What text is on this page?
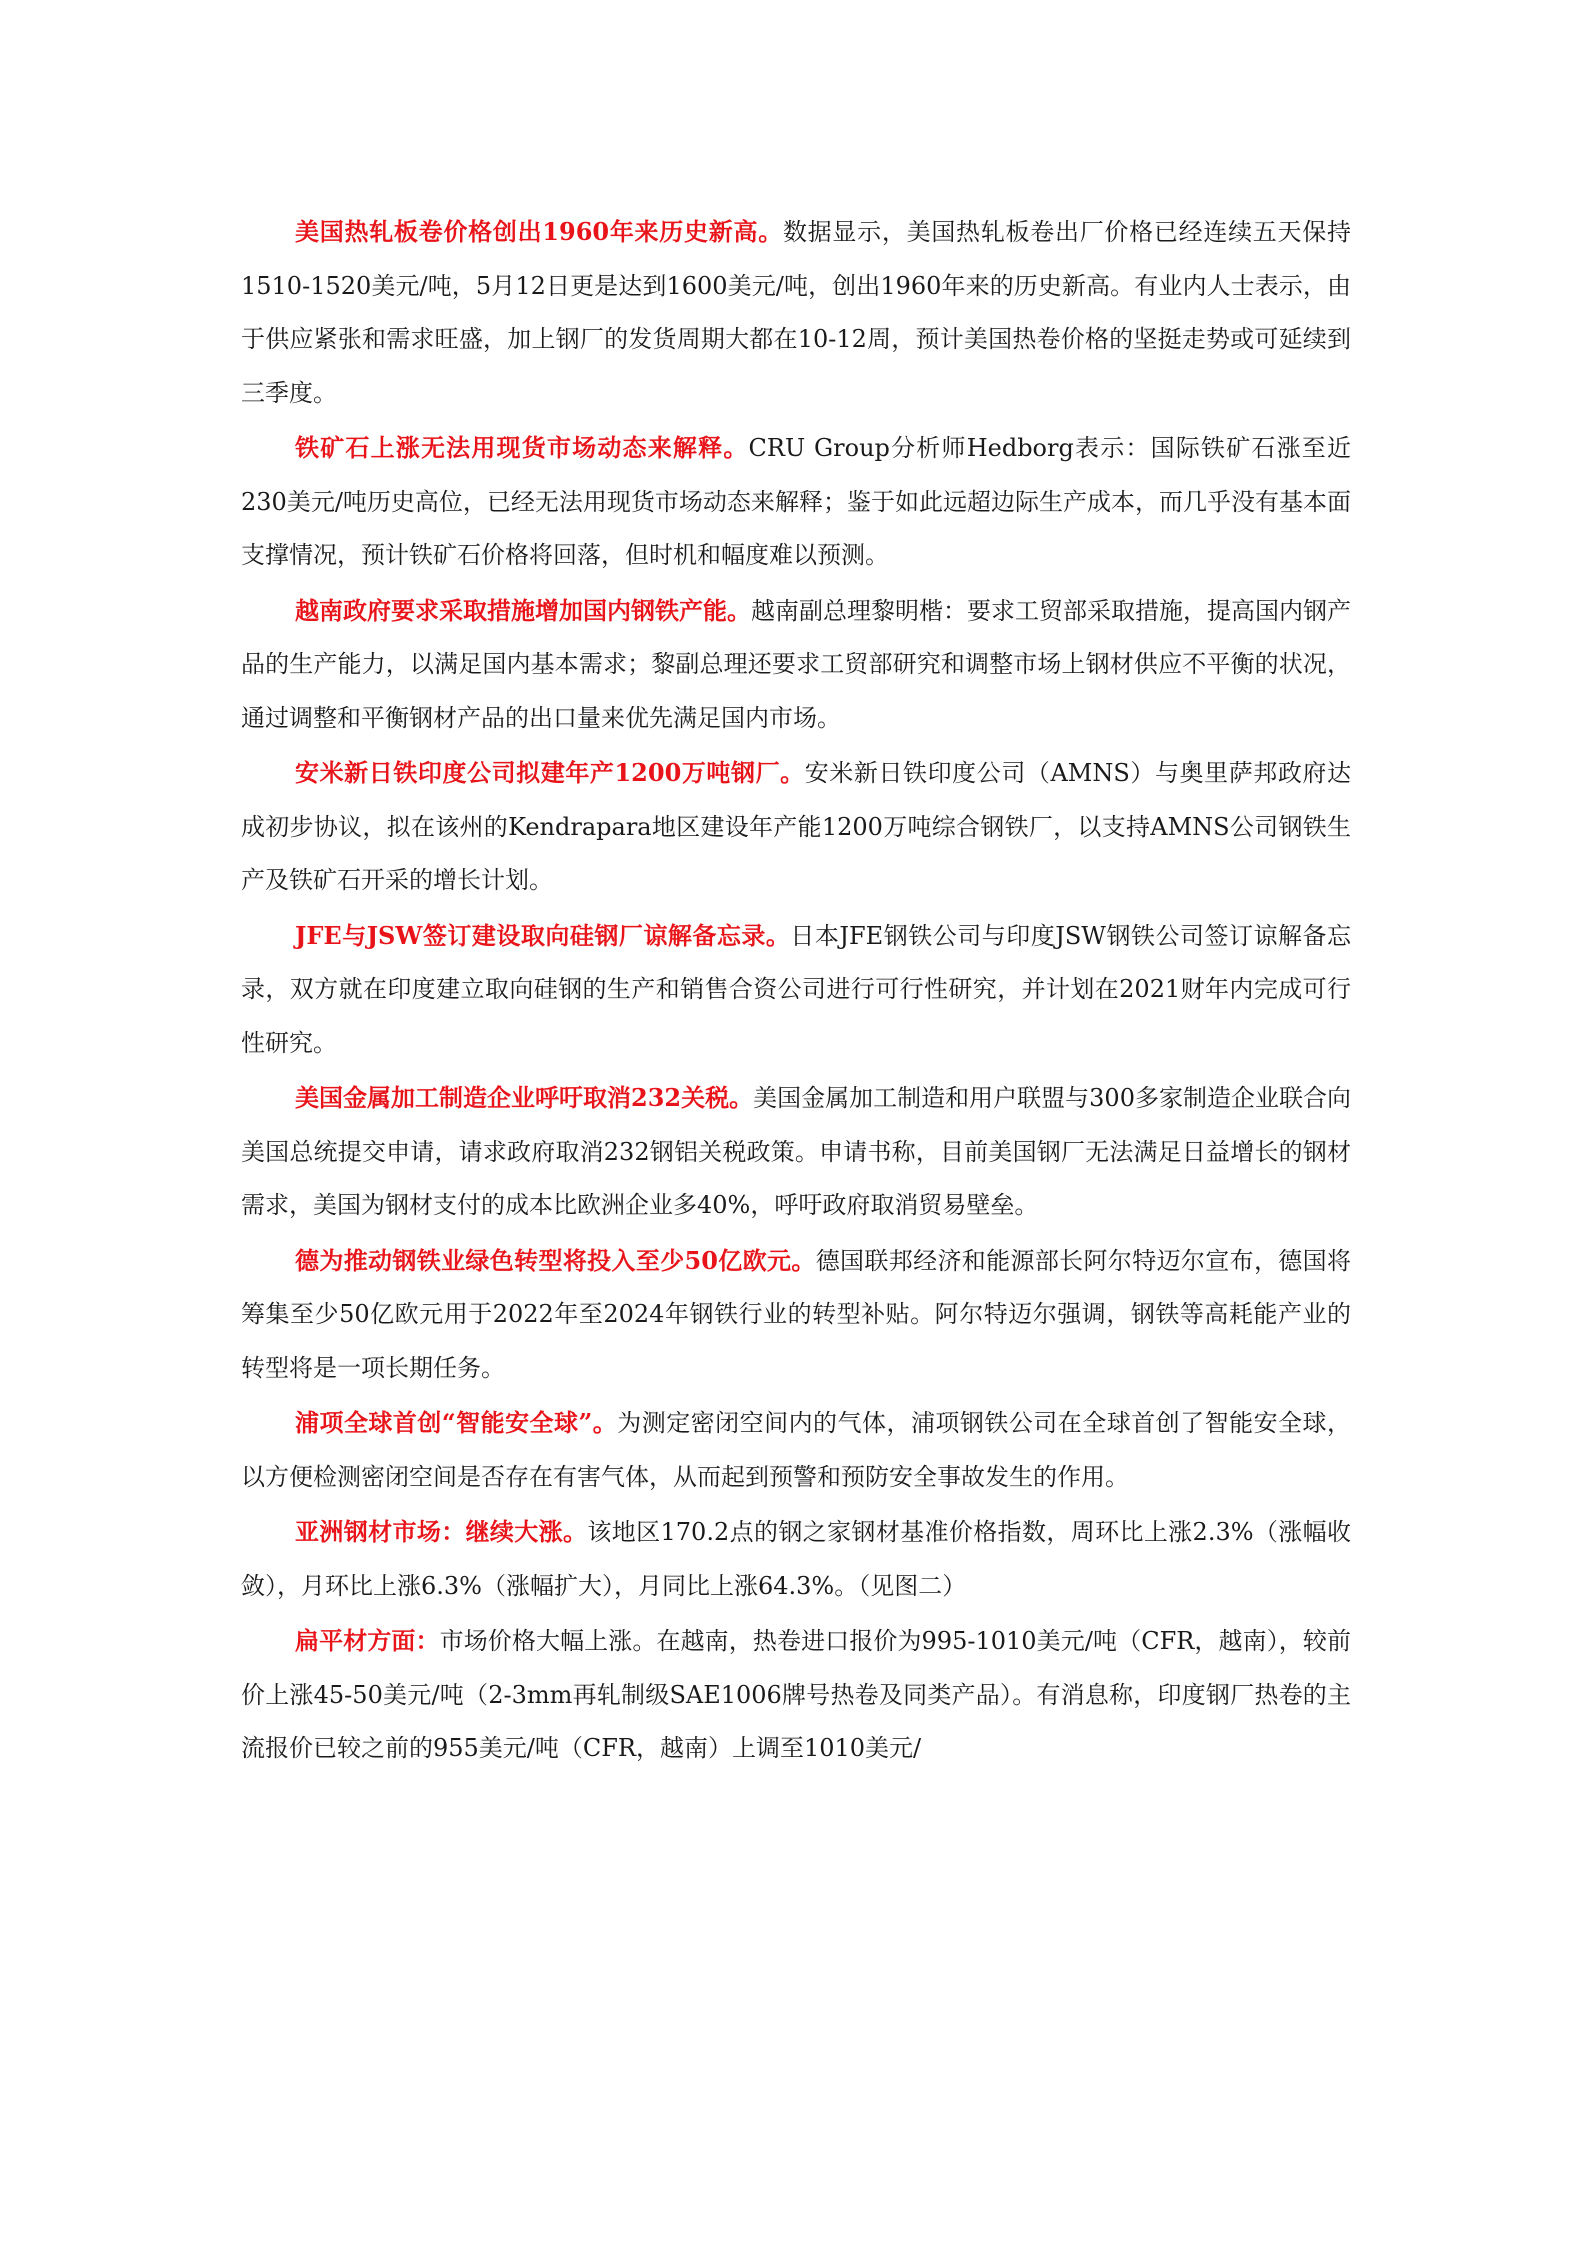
美国热轧板卷价格创出1960年来历史新高。数据显示，美国热轧板卷出厂价格已经连续五天保持1510-1520美元/吨，5月12日更是达到1600美元/吨，创出1960年来的历史新高。有业内人士表示，由于供应紧张和需求旺盛，加上钢厂的发货周期大都在10-12周，预计美国热卷价格的坚挺走势或可延续到三季度。

铁矿石上涨无法用现货市场动态来解释。CRU Group分析师Hedborg表示：国际铁矿石涨至近230美元/吨历史高位，已经无法用现货市场动态来解释；鉴于如此远超边际生产成本，而几乎没有基本面支撑情况，预计铁矿石价格将回落，但时机和幅度难以预测。

越南政府要求采取措施增加国内钢铁产能。越南副总理黎明楷：要求工贸部采取措施，提高国内钢产品的生产能力，以满足国内基本需求；黎副总理还要求工贸部研究和调整市场上钢材供应不平衡的状况，通过调整和平衡钢材产品的出口量来优先满足国内市场。

安米新日铁印度公司拟建年产1200万吨钢厂。安米新日铁印度公司（AMNS）与奥里萨邦政府达成初步协议，拟在该州的Kendrapara地区建设年产能1200万吨综合钢铁厂，以支持AMNS公司钢铁生产及铁矿石开采的增长计划。

JFE与JSW签订建设取向硅钢厂谅解备忘录。日本JFE钢铁公司与印度JSW钢铁公司签订谅解备忘录，双方就在印度建立取向硅钢的生产和销售合资公司进行可行性研究，并计划在2021财年内完成可行性研究。

美国金属加工制造企业呼吁取消232关税。美国金属加工制造和用户联盟与300多家制造企业联合向美国总统提交申请，请求政府取消232钢铝关税政策。申请书称，目前美国钢厂无法满足日益增长的钢材需求，美国为钢材支付的成本比欧洲企业多40%，呼吁政府取消贸易壁垒。

德为推动钢铁业绿色转型将投入至少50亿欧元。德国联邦经济和能源部长阿尔特迈尔宣布，德国将筹集至少50亿欧元用于2022年至2024年钢铁行业的转型补贴。阿尔特迈尔强调，钢铁等高耗能产业的转型将是一项长期任务。

浦项全球首创“智能安全球”。为测定密闭空间内的气体，浦项钢铁公司在全球首创了智能安全球，以方便检测密闭空间是否存在有害气体，从而起到预警和预防安全事故发生的作用。

亚洲钢材市场：继续大涨。该地区170.2点的钢之家钢材基准价格指数，周环比上涨2.3%（涨幅收敛），月环比上涨6.3%（涨幅扩大），月同比上涨64.3%。（见图二）

扁平材方面：市场价格大幅上涨。在越南，热卷进口报价为995-1010美元/吨（CFR，越南），较前价上涨45-50美元/吨（2-3mm再轧制级SAE1006牌号热卷及同类产品）。有消息称，印度钢厂热卷的主流报价已较之前的955美元/吨（CFR，越南）上调至1010美元/
